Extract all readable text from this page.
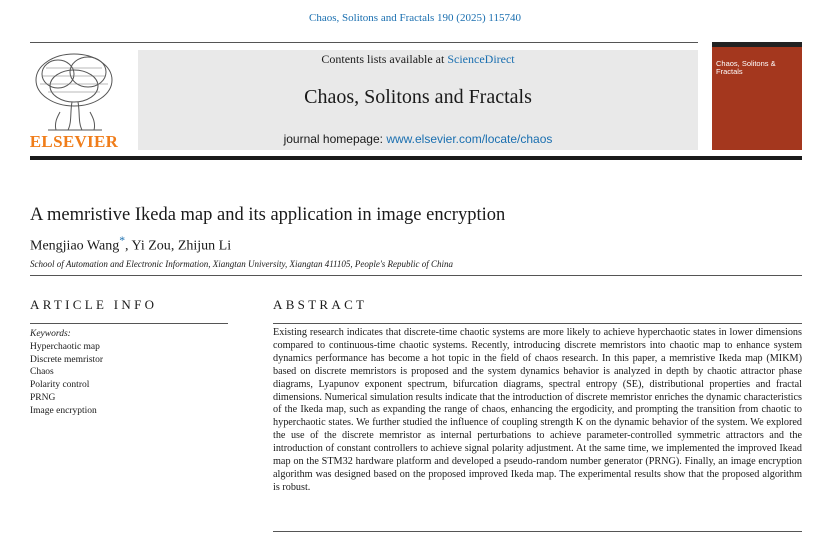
Chaos, Solitons and Fractals 190 (2025) 115740
ELSEVIER
Contents lists available at ScienceDirect
Chaos, Solitons and Fractals
journal homepage: www.elsevier.com/locate/chaos
Chaos, Solitons & Fractals
A memristive Ikeda map and its application in image encryption
Mengjiao Wang*, Yi Zou, Zhijun Li
School of Automation and Electronic Information, Xiangtan University, Xiangtan 411105, People's Republic of China
ARTICLE INFO
Keywords:
Hyperchaotic map
Discrete memristor
Chaos
Polarity control
PRNG
Image encryption
ABSTRACT
Existing research indicates that discrete-time chaotic systems are more likely to achieve hyperchaotic states in lower dimensions compared to continuous-time chaotic systems. Recently, introducing discrete memristors into chaotic map to enhance system dynamics performance has become a hot topic in the field of chaos research. In this paper, a memristive Ikeda map (MIKM) based on discrete memristors is proposed and the system dynamics behavior is analyzed in depth by chaotic attractor phase diagrams, Lyapunov exponent spectrum, bifurcation diagrams, spectral entropy (SE), distributional properties and fractal dimensions. Numerical simulation results indicate that the introduction of discrete memristor enriches the dynamic characteristics of the Ikeda map, such as expanding the range of chaos, enhancing the ergodicity, and prompting the transition from chaotic to hyperchaotic states. We further studied the influence of coupling strength K on the dynamic behavior of the system. We explored the use of the discrete memristor as internal perturbations to achieve parameter-controlled symmetric attractors and the introduction of constant controllers to achieve signal polarity adjustment. At the same time, we implemented the improved Ikead map on the STM32 hardware platform and developed a pseudo-random number generator (PRNG). Finally, an image encryption algorithm was designed based on the proposed improved Ikeda map. The experimental results show that the proposed algorithm is robust.
